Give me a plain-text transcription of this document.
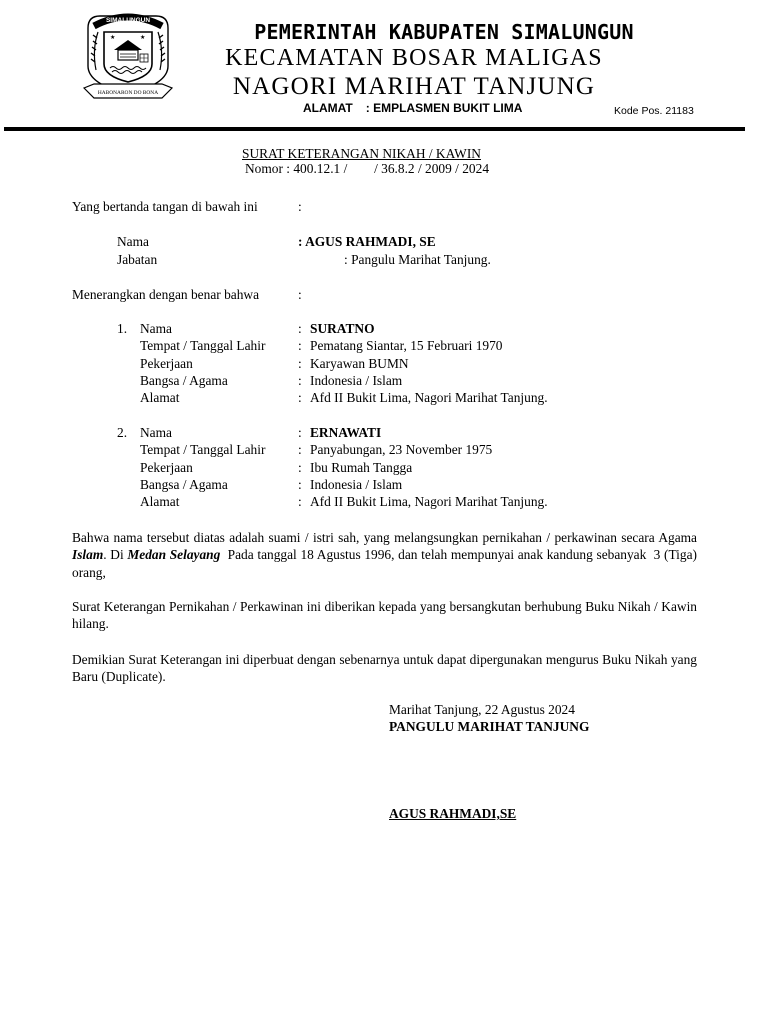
SIMALUNGUN
★	★
HABONARON DO BONA
PEMERINTAH KABUPATEN SIMALUNGUN
KECAMATAN BOSAR MALIGAS
NAGORI MARIHAT TANJUNG
ALAMAT : EMPLASMEN BUKIT LIMA	Kode Pos. 21183
SURAT KETERANGAN NIKAH / KAWIN
Nomor : 400.12.1 /        / 36.8.2 / 2009 / 2024
Yang bertanda tangan di bawah ini	:
Nama	: AGUS RAHMADI, SE
Jabatan	: Pangulu Marihat Tanjung.
Menerangkan dengan benar bahwa	:
1. Nama	: SURATNO
Tempat / Tanggal Lahir : Pematang Siantar, 15 Februari 1970
Pekerjaan	: Karyawan BUMN
Bangsa / Agama	: Indonesia / Islam
Alamat	: Afd II Bukit Lima, Nagori Marihat Tanjung.
2. Nama	: ERNAWATI
Tempat / Tanggal Lahir : Panyabungan, 23 November 1975
Pekerjaan	: Ibu Rumah Tangga
Bangsa / Agama	: Indonesia / Islam
Alamat	: Afd II Bukit Lima, Nagori Marihat Tanjung.
Bahwa nama tersebut diatas adalah suami / istri sah, yang melangsungkan pernikahan / perkawinan secara Agama Islam. Di Medan Selayang  Pada tanggal 18 Agustus 1996, dan telah mempunyai anak kandung sebanyak  3 (Tiga) orang,
Surat Keterangan Pernikahan / Perkawinan ini diberikan kepada yang bersangkutan berhubung Buku Nikah / Kawin hilang.
Demikian Surat Keterangan ini diperbuat dengan sebenarnya untuk dapat dipergunakan mengurus Buku Nikah yang Baru (Duplicate).
Marihat Tanjung, 22 Agustus 2024
PANGULU MARIHAT TANJUNG
AGUS RAHMADI,SE
